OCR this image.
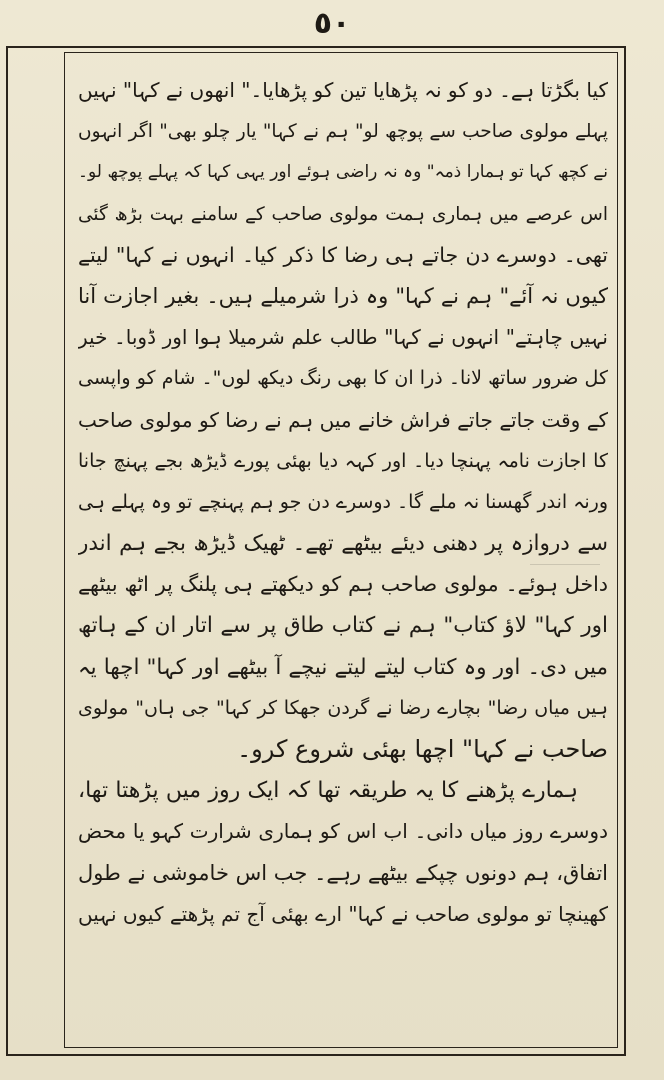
٥٠
کیا بگڑتا ہے۔ دو کو نہ پڑھایا تین کو پڑھایا۔" انھوں نے کہا" نہیں
پہلے مولوی صاحب سے پوچھ لو" ہم نے کہا" یار چلو بھی" اگر انہوں
نے کچھ کہا تو ہمارا ذمہ" وہ نہ راضی ہوئے اور یہی کہا کہ پہلے پوچھ لو۔
اس عرصے میں ہماری ہمت مولوی صاحب کے سامنے بہت بڑھ گئی
تھی۔ دوسرے دن جاتے ہی رضا کا ذکر کیا۔ انہوں نے کہا" لیتے
کیوں نہ آئے" ہم نے کہا" وہ ذرا شرمیلے ہیں۔ بغیر اجازت آنا
نہیں چاہتے" انہوں نے کہا" طالب علم شرمیلا ہوا اور ڈوبا۔ خیر
کل ضرور ساتھ لانا۔ ذرا ان کا بھی رنگ دیکھ لوں"۔ شام کو واپسی
کے وقت جاتے جاتے فراش خانے میں ہم نے رضا کو مولوی صاحب
کا اجازت نامہ پہنچا دیا۔ اور کہہ دیا بھئی پورے ڈیڑھ بجے پہنچ جانا
ورنہ اندر گھسنا نہ ملے گا۔ دوسرے دن جو ہم پہنچے تو وہ پہلے ہی
سے دروازہ پر دھنی دیئے بیٹھے تھے۔ ٹھیک ڈیڑھ بجے ہم اندر
داخل ہوئے۔ مولوی صاحب ہم کو دیکھتے ہی پلنگ پر اٹھ بیٹھے
اور کہا" لاؤ کتاب" ہم نے کتاب طاق پر سے اتار ان کے ہاتھ
میں دی۔ اور وہ کتاب لیتے لیتے نیچے آ بیٹھے اور کہا" اچھا یہ
ہیں میاں رضا" بچارے رضا نے گردن جھکا کر کہا" جی ہاں" مولوی
صاحب نے کہا" اچھا بھئی شروع کرو۔
ہمارے پڑھنے کا یہ طریقہ تھا کہ ایک روز میں پڑھتا تھا،
دوسرے روز میاں دانی۔ اب اس کو ہماری شرارت کہو یا محض
اتفاق، ہم دونوں چپکے بیٹھے رہے۔ جب اس خاموشی نے طول
کھینچا تو مولوی صاحب نے کہا" ارے بھئی آج تم پڑھتے کیوں نہیں
